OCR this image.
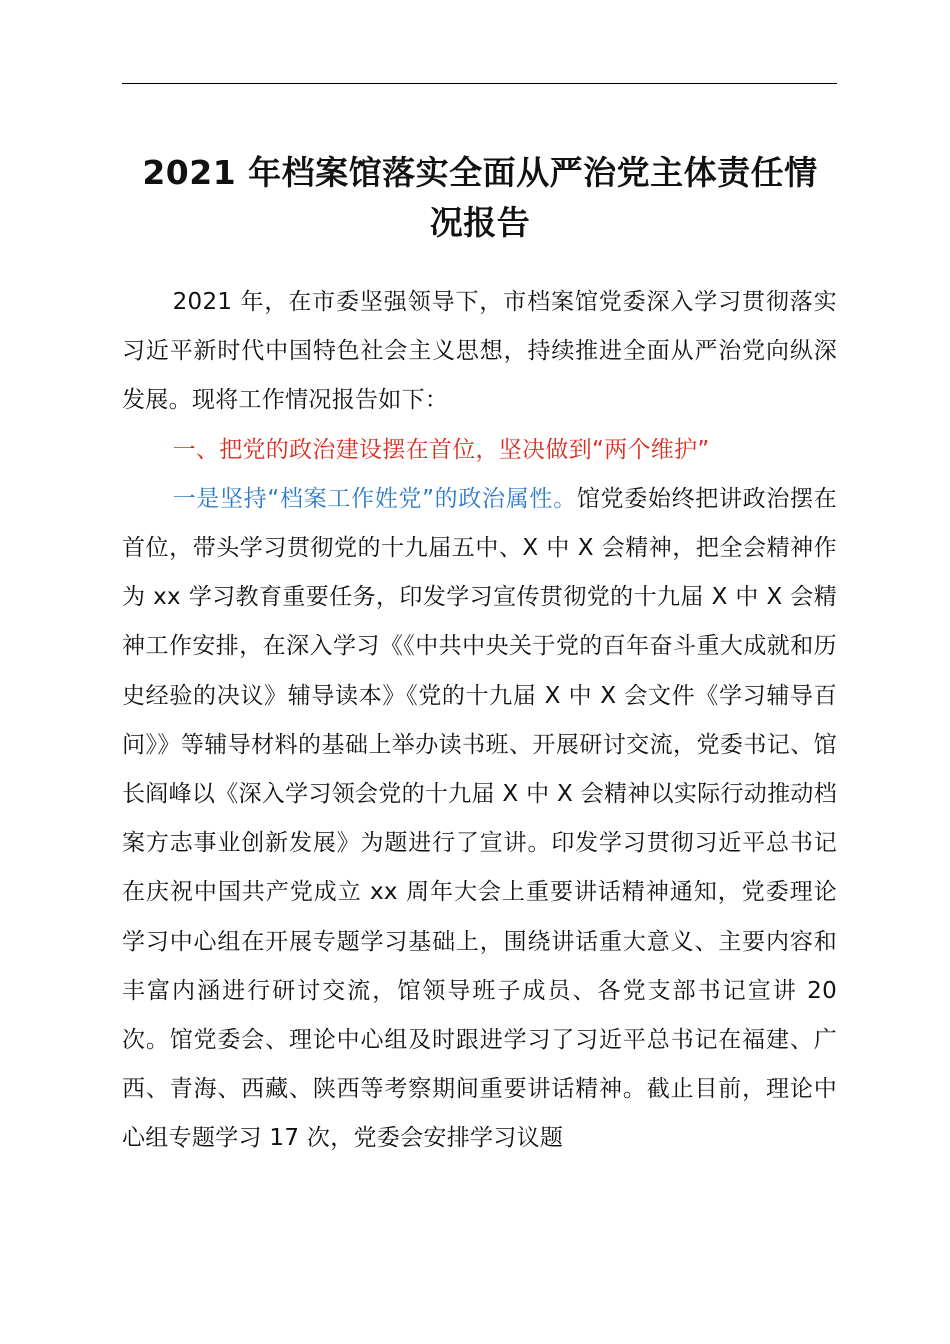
2021 年档案馆落实全面从严治党主体责任情
况报告

2021 年，在市委坚强领导下，市档案馆党委深入学习贯彻落实习近平新时代中国特色社会主义思想，持续推进全面从严治党向纵深发展。现将工作情况报告如下：

一、把党的政治建设摆在首位，坚决做到“两个维护”

一是坚持“档案工作姓党”的政治属性。馆党委始终把讲政治摆在首位，带头学习贯彻党的十九届五中、X 中 X 会精神，把全会精神作为 xx 学习教育重要任务，印发学习宣传贯彻党的十九届 X 中 X 会精神工作安排，在深入学习《《中共中央关于党的百年奋斗重大成就和历史经验的决议》辅导读本》《党的十九届 X 中 X 会文件《学习辅导百问》》等辅导材料的基础上举办读书班、开展研讨交流，党委书记、馆长阎峰以《深入学习领会党的十九届 X 中 X 会精神以实际行动推动档案方志事业创新发展》为题进行了宣讲。印发学习贯彻习近平总书记在庆祝中国共产党成立 xx 周年大会上重要讲话精神通知，党委理论学习中心组在开展专题学习基础上，围绕讲话重大意义、主要内容和丰富内涵进行研讨交流，馆领导班子成员、各党支部书记宣讲 20 次。馆党委会、理论中心组及时跟进学习了习近平总书记在福建、广西、青海、西藏、陕西等考察期间重要讲话精神。截止目前，理论中心组专题学习 17 次，党委会安排学习议题
